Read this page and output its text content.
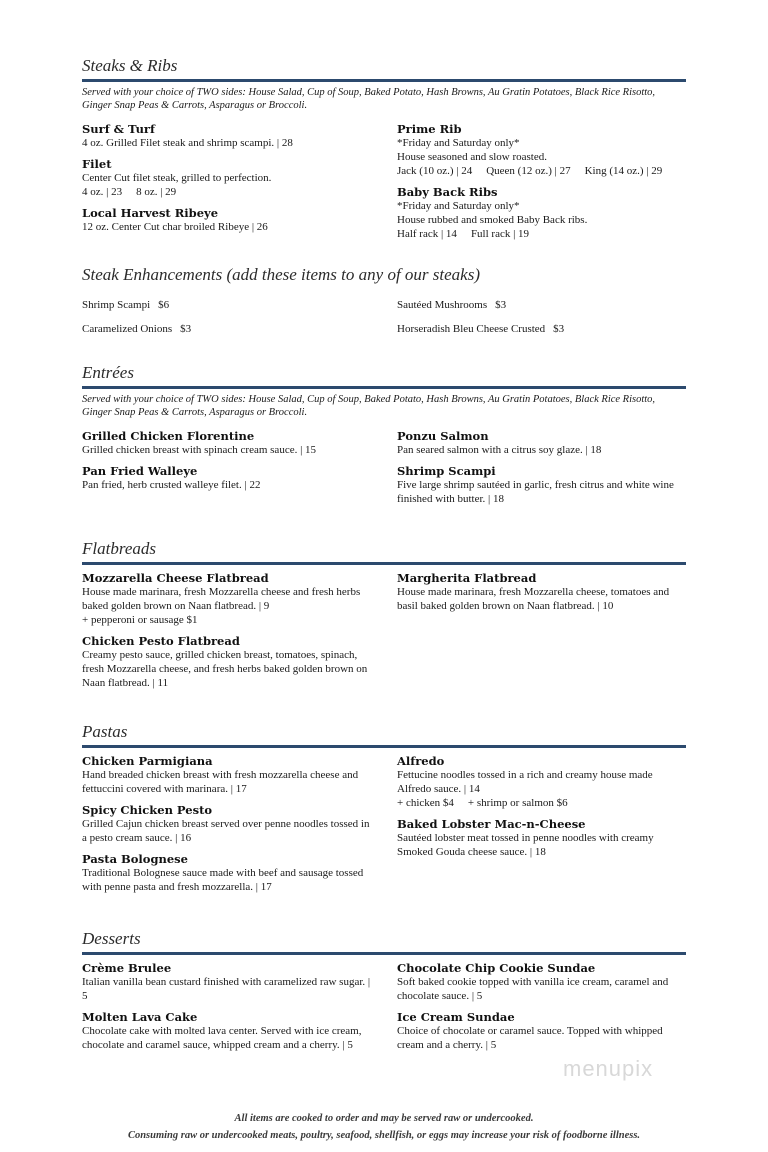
Steaks & Ribs
Served with your choice of TWO sides: House Salad, Cup of Soup, Baked Potato, Hash Browns, Au Gratin Potatoes, Black Rice Risotto, Ginger Snap Peas & Carrots, Asparagus or Broccoli.
Surf & Turf
4 oz. Grilled Filet steak and shrimp scampi. | 28
Filet
Center Cut filet steak, grilled to perfection.
4 oz. | 23 8 oz. | 29
Local Harvest Ribeye
12 oz. Center Cut char broiled Ribeye | 26
Prime Rib
*Friday and Saturday only*
House seasoned and slow roasted.
Jack (10 oz.) | 24 Queen (12 oz.) | 27 King (14 oz.) | 29
Baby Back Ribs
*Friday and Saturday only*
House rubbed and smoked Baby Back ribs.
Half rack | 14 Full rack | 19
Steak Enhancements (add these items to any of our steaks)
Shrimp Scampi $6
Caramelized Onions $3
Sautéed Mushrooms $3
Horseradish Bleu Cheese Crusted $3
Entrées
Served with your choice of TWO sides: House Salad, Cup of Soup, Baked Potato, Hash Browns, Au Gratin Potatoes, Black Rice Risotto, Ginger Snap Peas & Carrots, Asparagus or Broccoli.
Grilled Chicken Florentine
Grilled chicken breast with spinach cream sauce. | 15
Pan Fried Walleye
Pan fried, herb crusted walleye filet. | 22
Ponzu Salmon
Pan seared salmon with a citrus soy glaze. | 18
Shrimp Scampi
Five large shrimp sautéed in garlic, fresh citrus and white wine finished with butter. | 18
Flatbreads
Mozzarella Cheese Flatbread
House made marinara, fresh Mozzarella cheese and fresh herbs baked golden brown on Naan flatbread. | 9
+ pepperoni or sausage $1
Chicken Pesto Flatbread
Creamy pesto sauce, grilled chicken breast, tomatoes, spinach, fresh Mozzarella cheese, and fresh herbs baked golden brown on Naan flatbread. | 11
Margherita Flatbread
House made marinara, fresh Mozzarella cheese, tomatoes and basil baked golden brown on Naan flatbread. | 10
Pastas
Chicken Parmigiana
Hand breaded chicken breast with fresh mozzarella cheese and fettuccini covered with marinara. | 17
Spicy Chicken Pesto
Grilled Cajun chicken breast served over penne noodles tossed in a pesto cream sauce. | 16
Pasta Bolognese
Traditional Bolognese sauce made with beef and sausage tossed with penne pasta and fresh mozzarella. | 17
Alfredo
Fettucine noodles tossed in a rich and creamy house made Alfredo sauce. | 14
+ chicken $4 + shrimp or salmon $6
Baked Lobster Mac-n-Cheese
Sautéed lobster meat tossed in penne noodles with creamy Smoked Gouda cheese sauce. | 18
Desserts
Crème Brulee
Italian vanilla bean custard finished with caramelized raw sugar. | 5
Molten Lava Cake
Chocolate cake with molted lava center. Served with ice cream, chocolate and caramel sauce, whipped cream and a cherry. | 5
Chocolate Chip Cookie Sundae
Soft baked cookie topped with vanilla ice cream, caramel and chocolate sauce. | 5
Ice Cream Sundae
Choice of chocolate or caramel sauce. Topped with whipped cream and a cherry. | 5
menupix
All items are cooked to order and may be served raw or undercooked.
Consuming raw or undercooked meats, poultry, seafood, shellfish, or eggs may increase your risk of foodborne illness.
